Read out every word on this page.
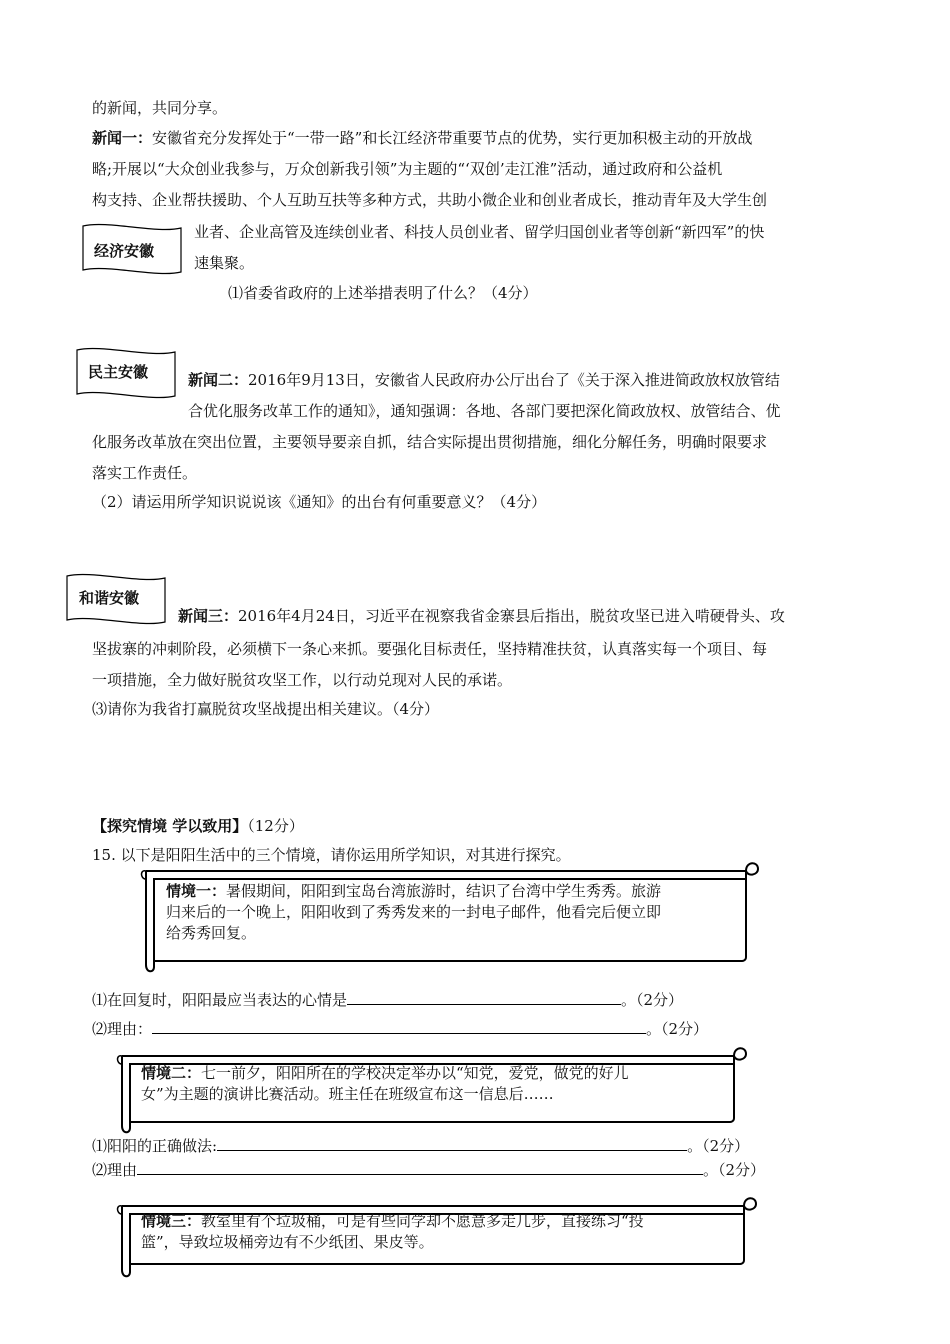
的新闻，共同分享。
新闻一：安徽省充分发挥处于“一带一路”和长江经济带重要节点的优势，实行更加积极主动的开放战
略;开展以“大众创业我参与，万众创新我引领”为主题的“‘双创’走江淮”活动，通过政府和公益机
构支持、企业帮扶援助、个人互助互扶等多种方式，共助小微企业和创业者成长，推动青年及大学生创
业者、企业高管及连续创业者、科技人员创业者、留学归国创业者等创新“新四军”的快
速集聚。
经济安徽
⑴省委省政府的上述举措表明了什么？（4分）
民主安徽	新闻二：2016年9月13日，安徽省人民政府办公厅出台了《关于深入推进简政放权放管结
合优化服务改革工作的通知》，通知强调：各地、各部门要把深化简政放权、放管结合、优
化服务改革放在突出位置，主要领导要亲自抓，结合实际提出贯彻措施，细化分解任务，明确时限要求
落实工作责任。
（2）请运用所学知识说说该《通知》的出台有何重要意义？（4分）
和谐安徽
新闻三：2016年4月24日，习近平在视察我省金寨县后指出，脱贫攻坚已进入啃硬骨头、攻
坚拔寨的冲刺阶段，必须横下一条心来抓。要强化目标责任，坚持精准扶贫，认真落实每一个项目、每
一项措施，全力做好脱贫攻坚工作，以行动兑现对人民的承诺。
⑶请你为我省打赢脱贫攻坚战提出相关建议。（4分）
【探究情境 学以致用】（12分）
15. 以下是阳阳生活中的三个情境，请你运用所学知识，对其进行探究。
情境一：暑假期间，阳阳到宝岛台湾旅游时，结识了台湾中学生秀秀。旅游
归来后的一个晚上，阳阳收到了秀秀发来的一封电子邮件，他看完后便立即
给秀秀回复。
⑴在回复时，阳阳最应当表达的心情是	。（2分）
⑵理由：	。（2分）
情境二：七一前夕，阳阳所在的学校决定举办以“知党，爱党，做党的好儿
女”为主题的演讲比赛活动。班主任在班级宣布这一信息后……
⑴阳阳的正确做法:	。（2分）
⑵理由	。（2分）
情境三：教室里有个垃圾桶，可是有些同学却不愿意多走几步，直接练习“投
篮”，导致垃圾桶旁边有不少纸团、果皮等。
